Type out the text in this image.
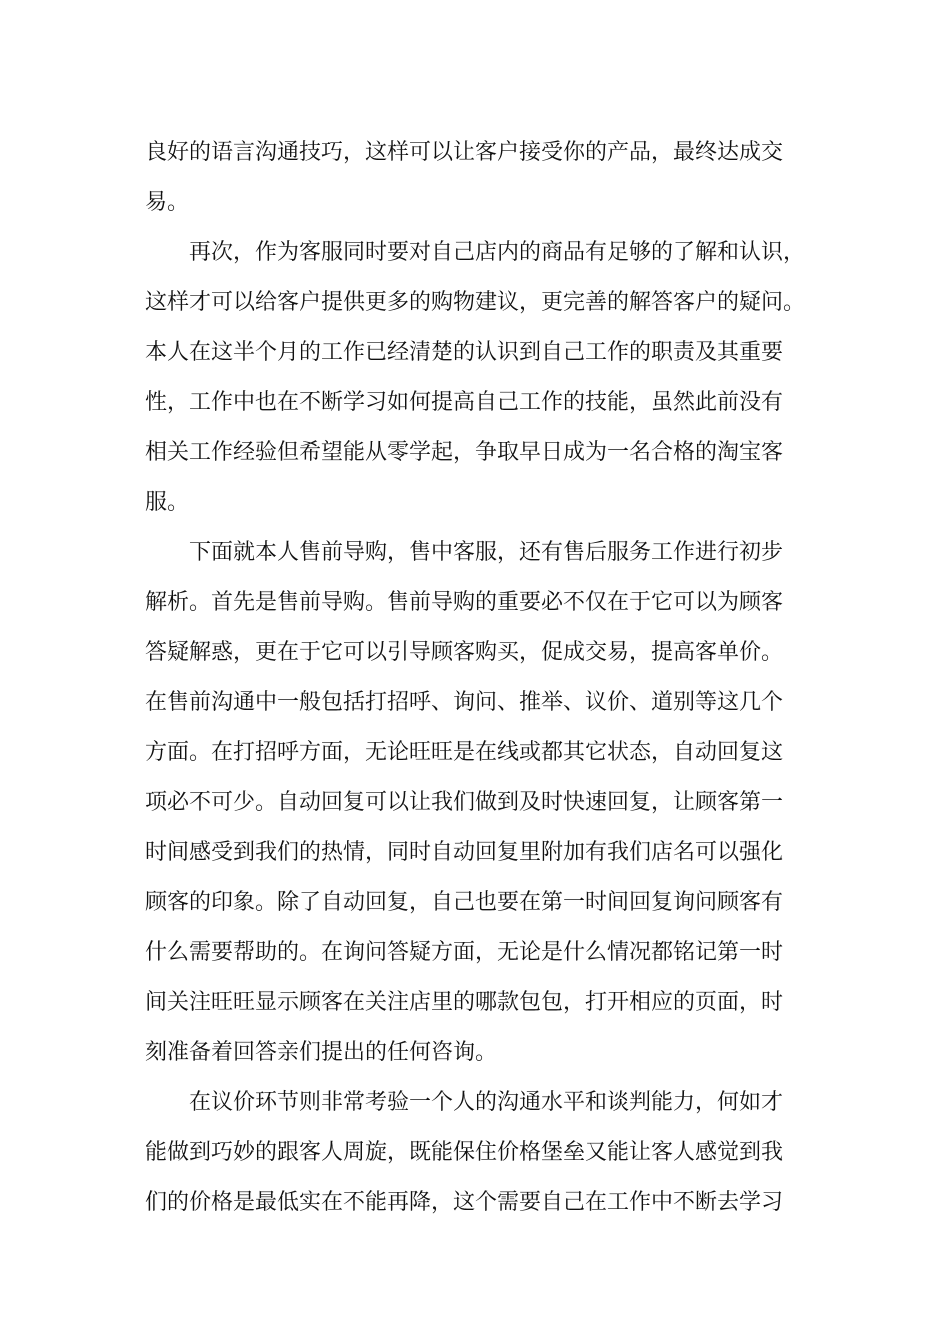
良好的语言沟通技巧，这样可以让客户接受你的产品，最终达成交
易。
再次，作为客服同时要对自己店内的商品有足够的了解和认识，
这样才可以给客户提供更多的购物建议，更完善的解答客户的疑问。
本人在这半个月的工作已经清楚的认识到自己工作的职责及其重要
性，工作中也在不断学习如何提高自己工作的技能，虽然此前没有
相关工作经验但希望能从零学起，争取早日成为一名合格的淘宝客
服。
下面就本人售前导购，售中客服，还有售后服务工作进行初步
解析。首先是售前导购。售前导购的重要必不仅在于它可以为顾客
答疑解惑，更在于它可以引导顾客购买，促成交易，提高客单价。
在售前沟通中一般包括打招呼、询问、推举、议价、道别等这几个
方面。在打招呼方面，无论旺旺是在线或都其它状态，自动回复这
项必不可少。自动回复可以让我们做到及时快速回复，让顾客第一
时间感受到我们的热情，同时自动回复里附加有我们店名可以强化
顾客的印象。除了自动回复，自己也要在第一时间回复询问顾客有
什么需要帮助的。在询问答疑方面，无论是什么情况都铭记第一时
间关注旺旺显示顾客在关注店里的哪款包包，打开相应的页面，时
刻准备着回答亲们提出的任何咨询。
在议价环节则非常考验一个人的沟通水平和谈判能力，何如才
能做到巧妙的跟客人周旋，既能保住价格堡垒又能让客人感觉到我
们的价格是最低实在不能再降，这个需要自己在工作中不断去学习
